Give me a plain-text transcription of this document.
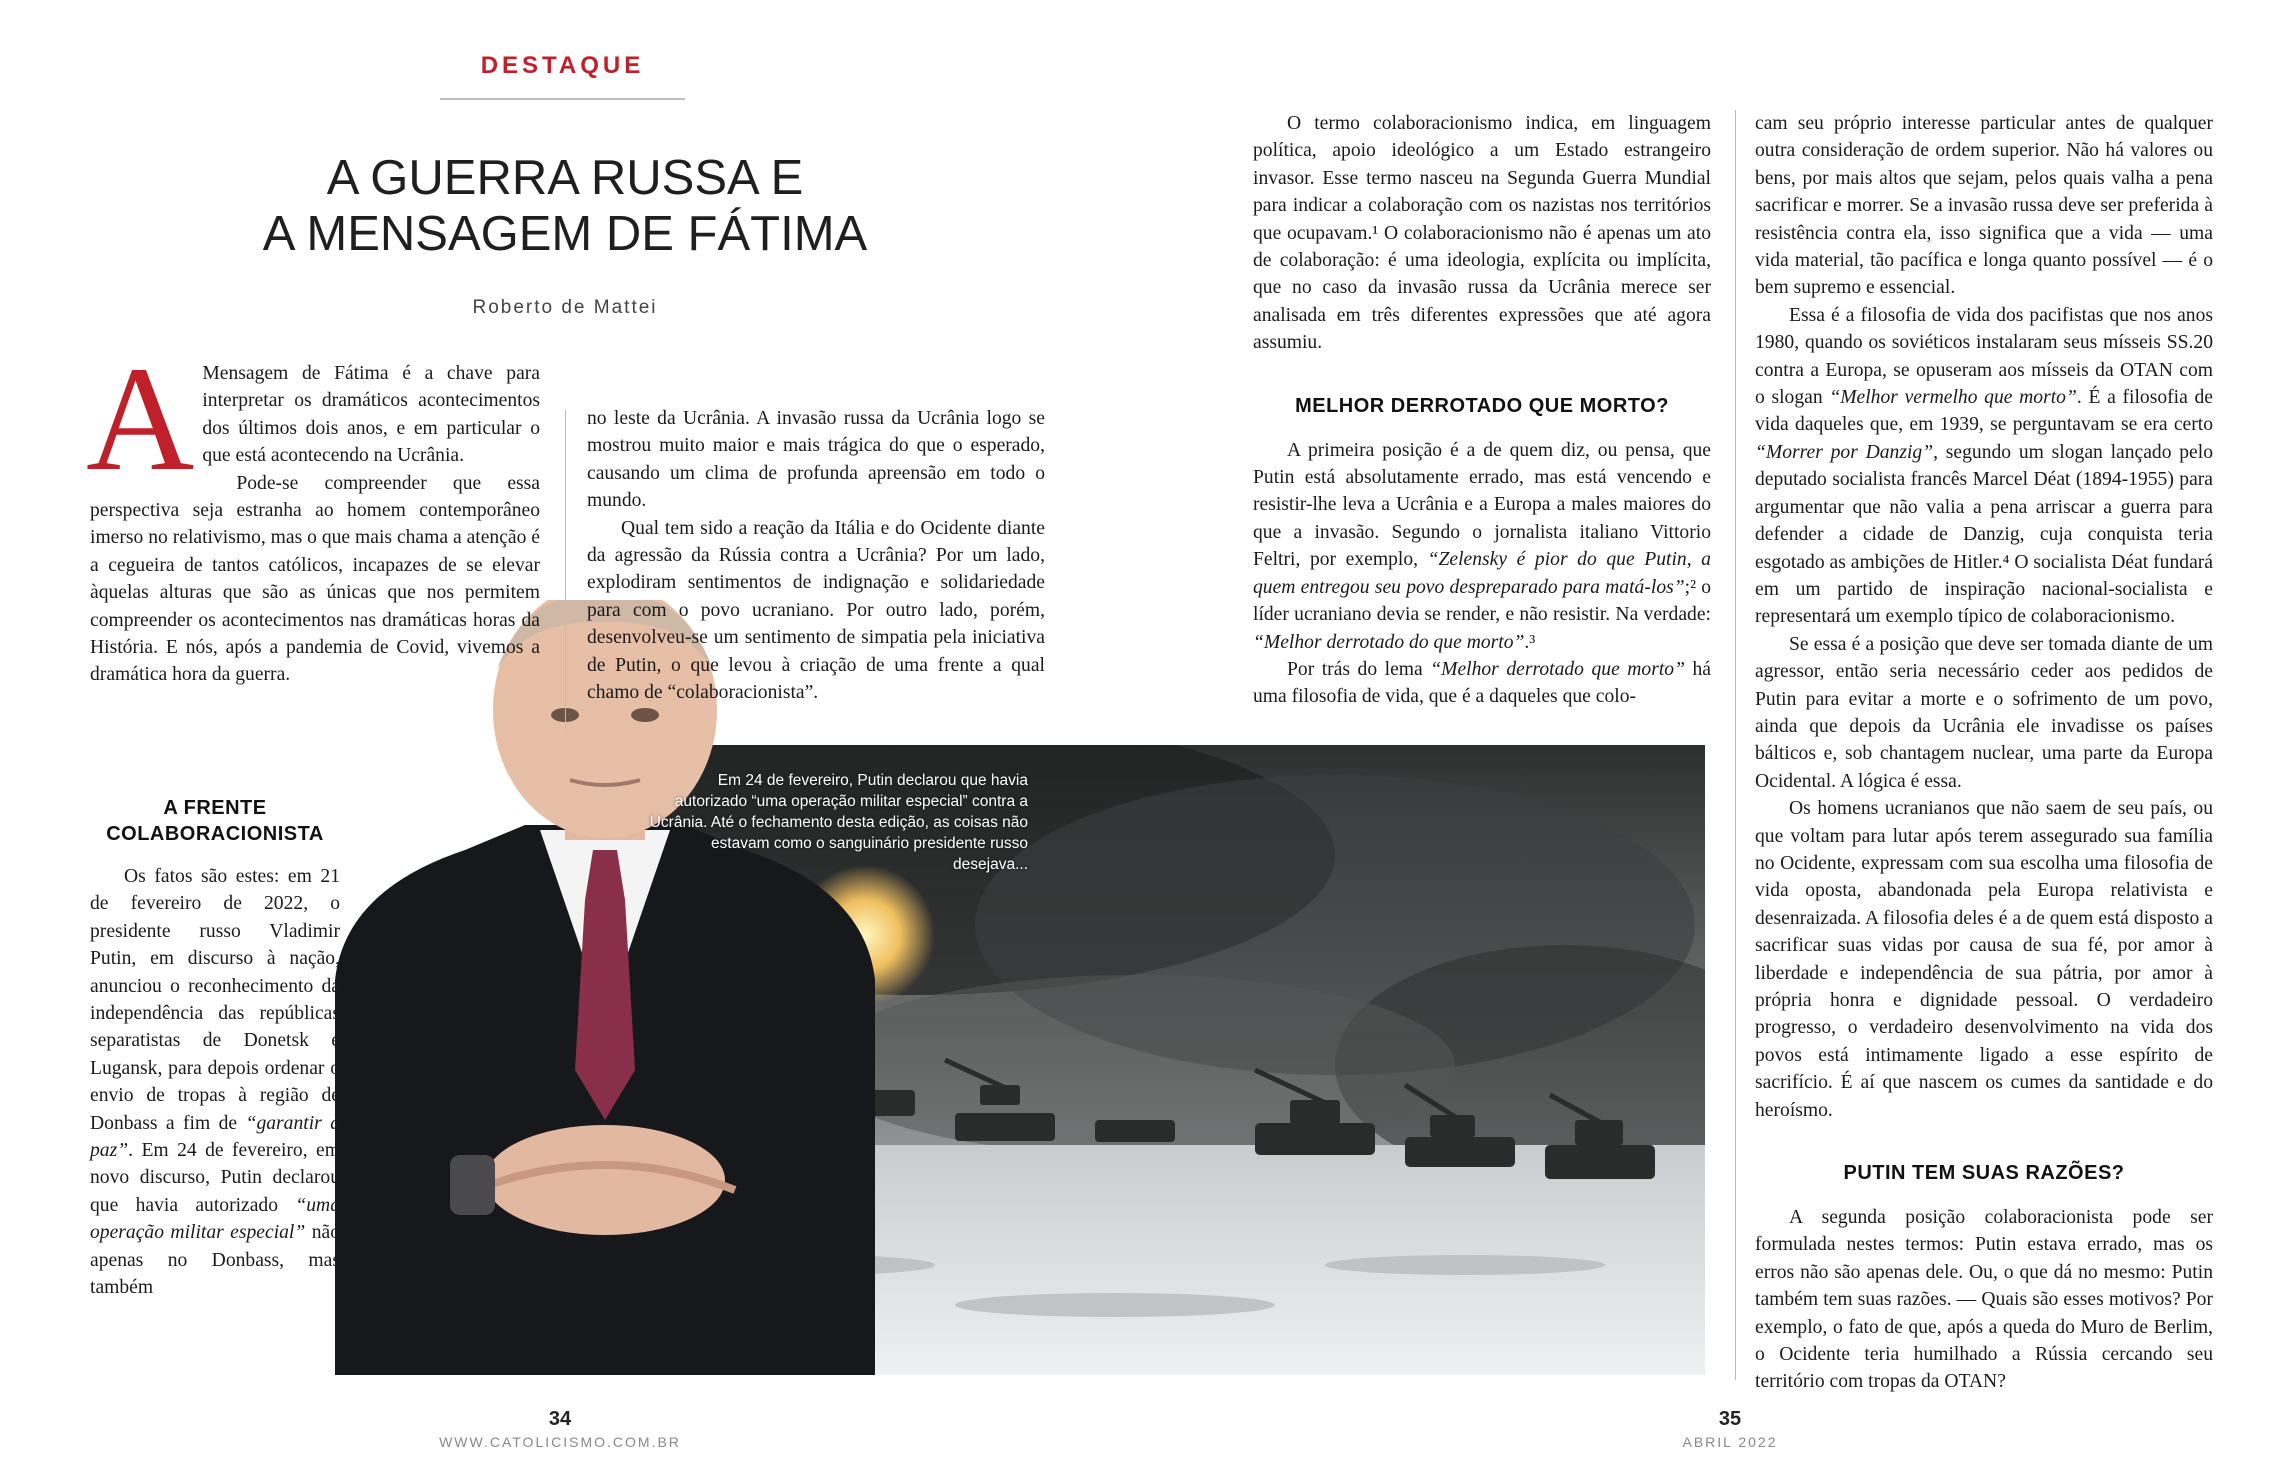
DESTAQUE
A GUERRA RUSSA E
A MENSAGEM DE FÁTIMA
Roberto de Mattei
Em 24 de fevereiro, Putin declarou que havia autorizado “uma operação militar especial” contra a Ucrânia. Até o fechamento desta edição, as coisas não estavam como o sanguinário presidente russo desejava...
A Mensagem de Fátima é a chave para interpretar os dramáticos acontecimentos dos últimos dois anos, e em particular o que está acontecendo na Ucrânia.

Pode-se compreender que essa perspectiva seja estranha ao homem contemporâneo imerso no relativismo, mas o que mais chama a atenção é a cegueira de tantos católicos, incapazes de se elevar àquelas alturas que são as únicas que nos permitem compreender os acontecimentos nas dramáticas horas da História. E nós, após a pandemia de Covid, vivemos a dramática hora da guerra.

A FRENTE COLABORACIONISTA

Os fatos são estes: em 21 de fevereiro de 2022, o presidente russo Vladimir Putin, em discurso à nação, anunciou o reconhecimento da independência das repúblicas separatistas de Donetsk e Lugansk, para depois ordenar o envio de tropas à região de Donbass a fim de “garantir a paz”. Em 24 de fevereiro, em novo discurso, Putin declarou que havia autorizado “uma operação militar especial” não apenas no Donbass, mas também

no leste da Ucrânia. A invasão russa da Ucrânia logo se mostrou muito maior e mais trágica do que o esperado, causando um clima de profunda apreensão em todo o mundo.

Qual tem sido a reação da Itália e do Ocidente diante da agressão da Rússia contra a Ucrânia? Por um lado, explodiram sentimentos de indignação e solidariedade para com o povo ucraniano. Por outro lado, porém, desenvolveu-se um sentimento de simpatia pela iniciativa de Putin, o que levou à criação de uma frente a qual chamo de “colaboracionista”.

O termo colaboracionismo indica, em linguagem política, apoio ideológico a um Estado estrangeiro invasor. Esse termo nasceu na Segunda Guerra Mundial para indicar a colaboração com os nazistas nos territórios que ocupavam.¹ O colaboracionismo não é apenas um ato de colaboração: é uma ideologia, explícita ou implícita, que no caso da invasão russa da Ucrânia merece ser analisada em três diferentes expressões que até agora assumiu.

MELHOR DERROTADO QUE MORTO?

A primeira posição é a de quem diz, ou pensa, que Putin está absolutamente errado, mas está vencendo e resistir-lhe leva a Ucrânia e a Europa a males maiores do que a invasão. Segundo o jornalista italiano Vittorio Feltri, por exemplo, “Zelensky é pior do que Putin, a quem entregou seu povo despreparado para matá-los”;² o líder ucraniano devia se render, e não resistir. Na verdade: “Melhor derrotado do que morto”.³

Por trás do lema “Melhor derrotado que morto” há uma filosofia de vida, que é a daqueles que colo-

cam seu próprio interesse particular antes de qualquer outra consideração de ordem superior. Não há valores ou bens, por mais altos que sejam, pelos quais valha a pena sacrificar e morrer. Se a invasão russa deve ser preferida à resistência contra ela, isso significa que a vida — uma vida material, tão pacífica e longa quanto possível — é o bem supremo e essencial.

Essa é a filosofia de vida dos pacifistas que nos anos 1980, quando os soviéticos instalaram seus mísseis SS.20 contra a Europa, se opuseram aos mísseis da OTAN com o slogan “Melhor vermelho que morto”. É a filosofia de vida daqueles que, em 1939, se perguntavam se era certo “Morrer por Danzig”, segundo um slogan lançado pelo deputado socialista francês Marcel Déat (1894-1955) para argumentar que não valia a pena arriscar a guerra para defender a cidade de Danzig, cuja conquista teria esgotado as ambições de Hitler.⁴ O socialista Déat fundará em um partido de inspiração nacional-socialista e representará um exemplo típico de colaboracionismo.

Se essa é a posição que deve ser tomada diante de um agressor, então seria necessário ceder aos pedidos de Putin para evitar a morte e o sofrimento de um povo, ainda que depois da Ucrânia ele invadisse os países bálticos e, sob chantagem nuclear, uma parte da Europa Ocidental. A lógica é essa.

Os homens ucranianos que não saem de seu país, ou que voltam para lutar após terem assegurado sua família no Ocidente, expressam com sua escolha uma filosofia de vida oposta, abandonada pela Europa relativista e desenraizada. A filosofia deles é a de quem está disposto a sacrificar suas vidas por causa de sua fé, por amor à liberdade e independência de sua pátria, por amor à própria honra e dignidade pessoal. O verdadeiro progresso, o verdadeiro desenvolvimento na vida dos povos está intimamente ligado a esse espírito de sacrifício. É aí que nascem os cumes da santidade e do heroísmo.

PUTIN TEM SUAS RAZÕES?

A segunda posição colaboracionista pode ser formulada nestes termos: Putin estava errado, mas os erros não são apenas dele. Ou, o que dá no mesmo: Putin também tem suas razões. — Quais são esses motivos? Por exemplo, o fato de que, após a queda do Muro de Berlim, o Ocidente teria humilhado a Rússia cercando seu território com tropas da OTAN?

34
WWW.CATOLICISMO.COM.BR
35
ABRIL 2022
